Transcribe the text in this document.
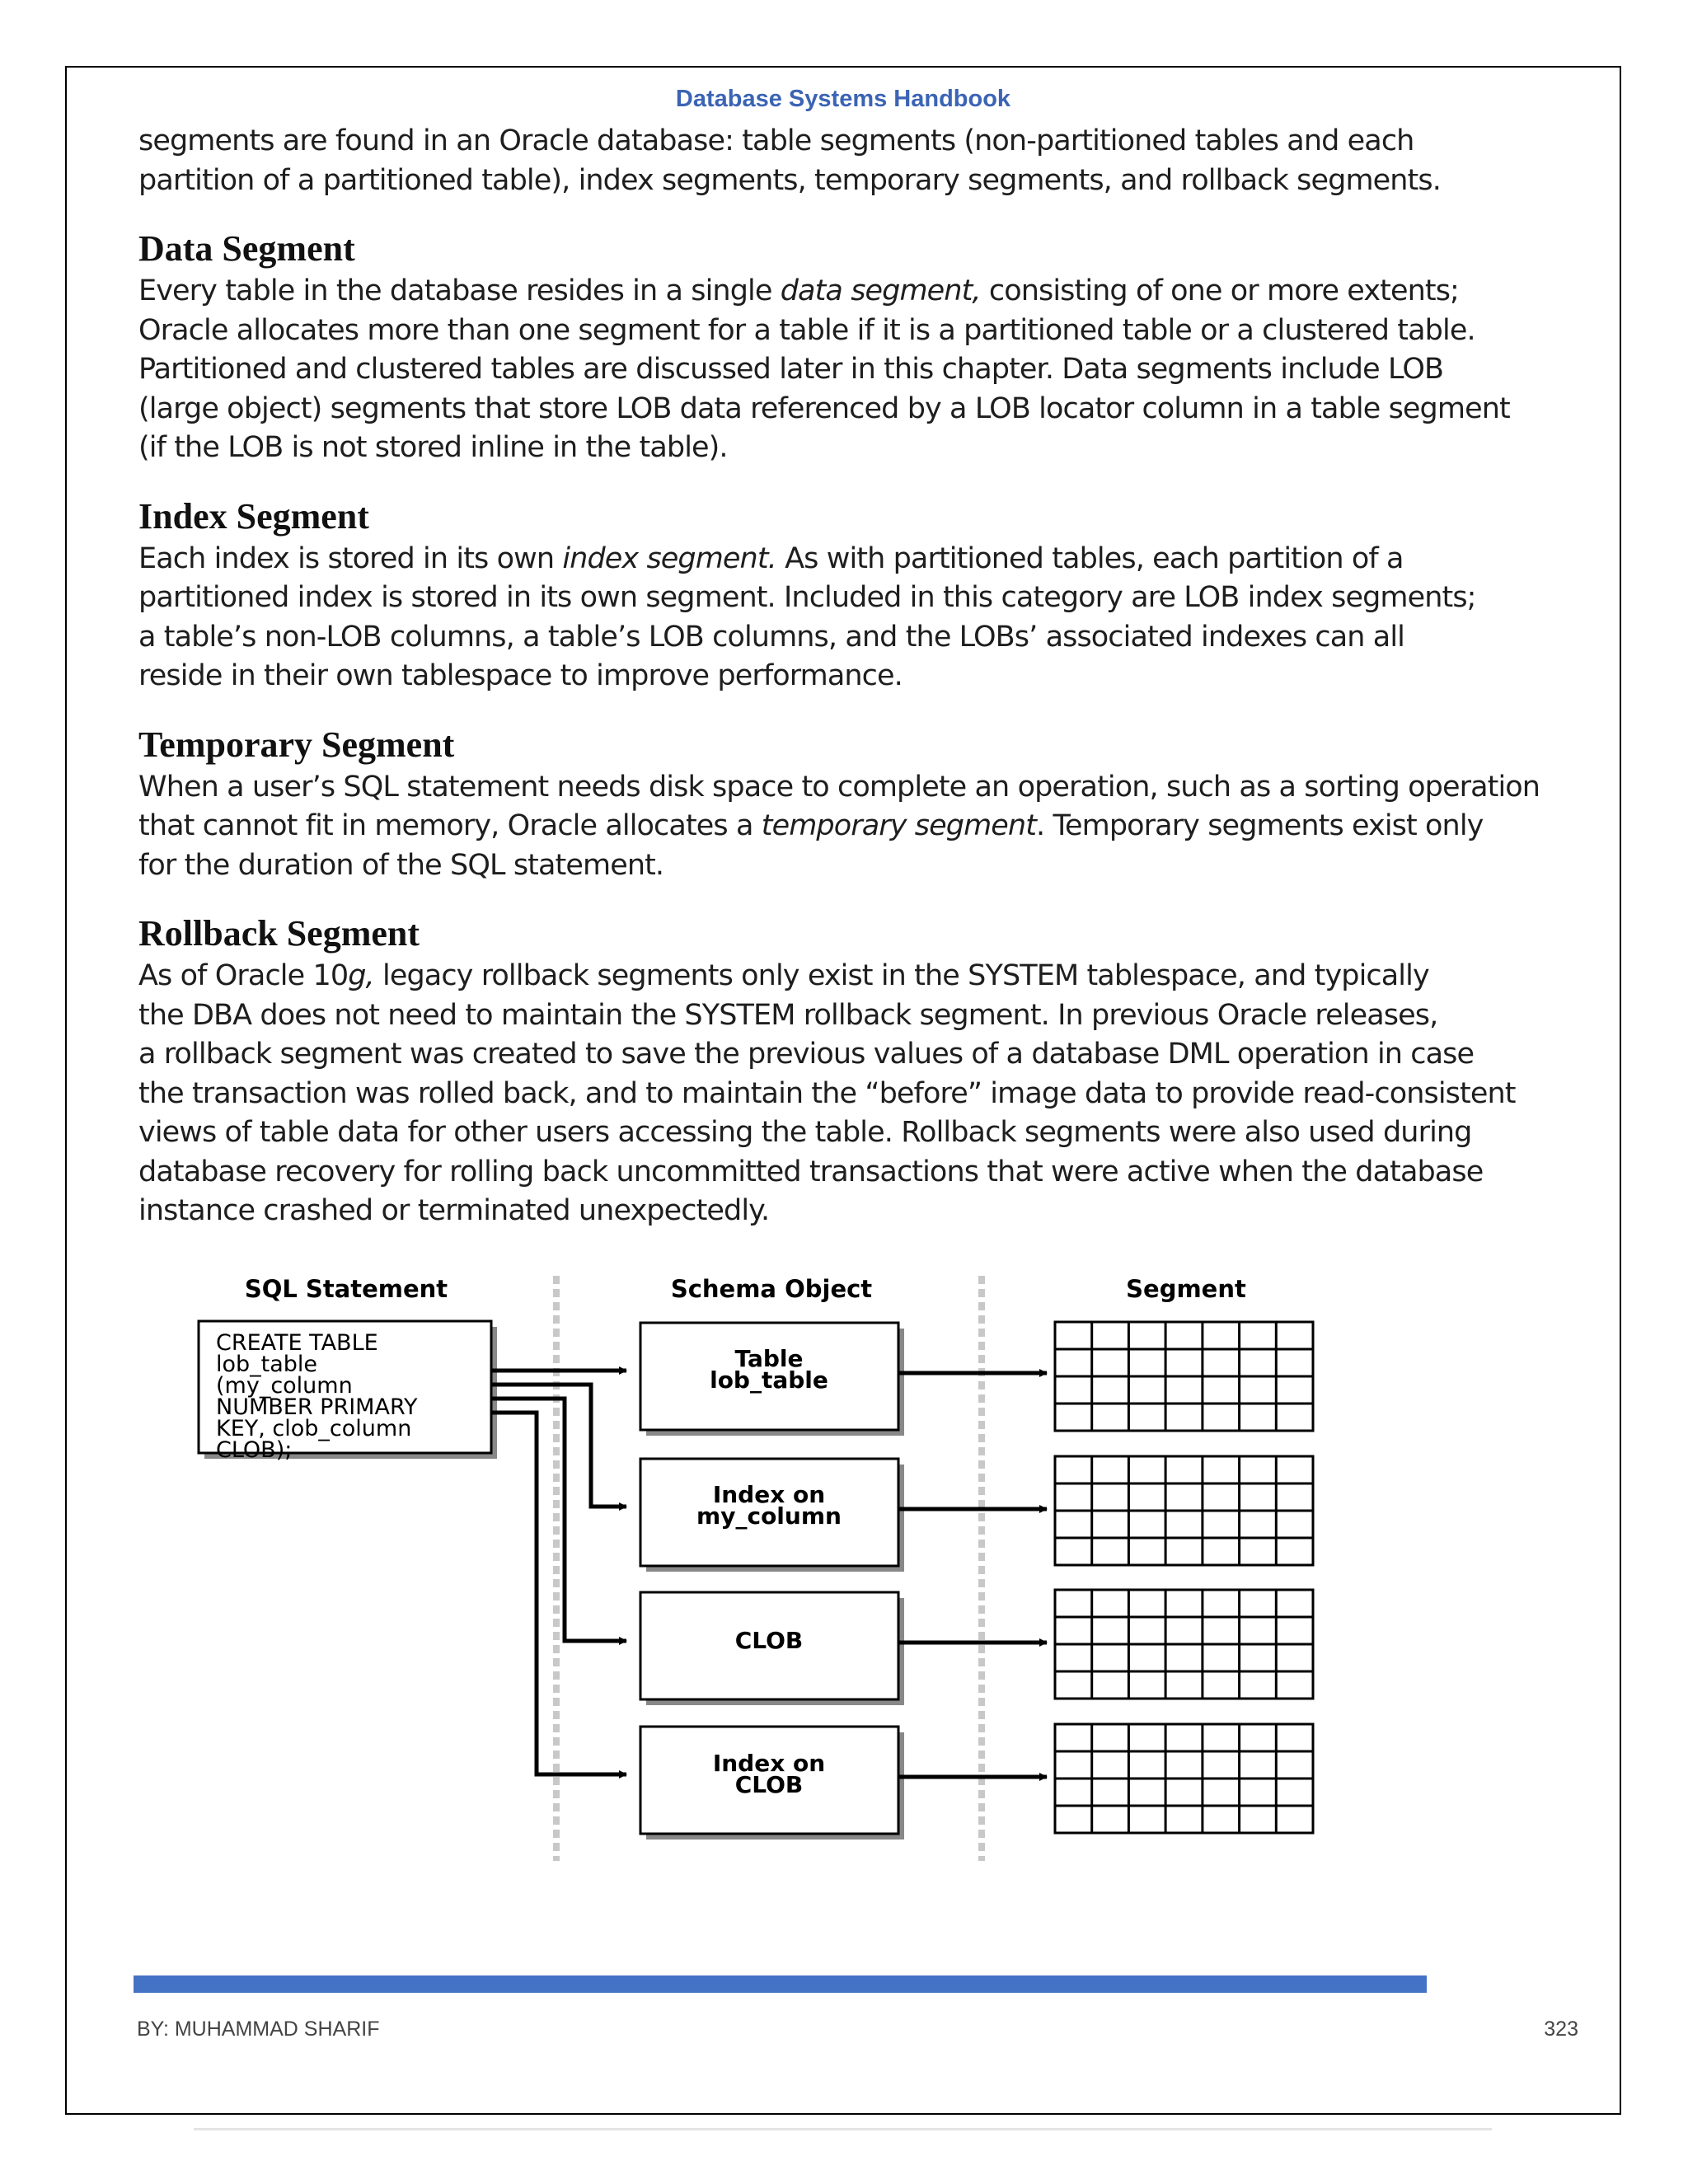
Database Systems Handbook

segments are found in an Oracle database: table segments (non-partitioned tables and each
partition of a partitioned table), index segments, temporary segments, and rollback segments.

Data Segment

Every table in the database resides in a single data segment, consisting of one or more extents;
Oracle allocates more than one segment for a table if it is a partitioned table or a clustered table.
Partitioned and clustered tables are discussed later in this chapter. Data segments include LOB
(large object) segments that store LOB data referenced by a LOB locator column in a table segment
(if the LOB is not stored inline in the table).

Index Segment

Each index is stored in its own index segment. As with partitioned tables, each partition of a
partitioned index is stored in its own segment. Included in this category are LOB index segments;
a table’s non-LOB columns, a table’s LOB columns, and the LOBs’ associated indexes can all
reside in their own tablespace to improve performance.

Temporary Segment

When a user’s SQL statement needs disk space to complete an operation, such as a sorting operation
that cannot fit in memory, Oracle allocates a temporary segment. Temporary segments exist only
for the duration of the SQL statement.

Rollback Segment

As of Oracle 10g, legacy rollback segments only exist in the SYSTEM tablespace, and typically
the DBA does not need to maintain the SYSTEM rollback segment. In previous Oracle releases,
a rollback segment was created to save the previous values of a database DML operation in case
the transaction was rolled back, and to maintain the “before” image data to provide read-consistent
views of table data for other users accessing the table. Rollback segments were also used during
database recovery for rolling back uncommitted transactions that were active when the database
instance crashed or terminated unexpectedly.

SQL Statement	Schema Object	Segment
CREATE TABLE
lob_table
(my_column
NUMBER PRIMARY
KEY, clob_column
CLOB);
Table
lob_table
Index on
my_column
CLOB
Index on
CLOB
BY: MUHAMMAD SHARIF	323
